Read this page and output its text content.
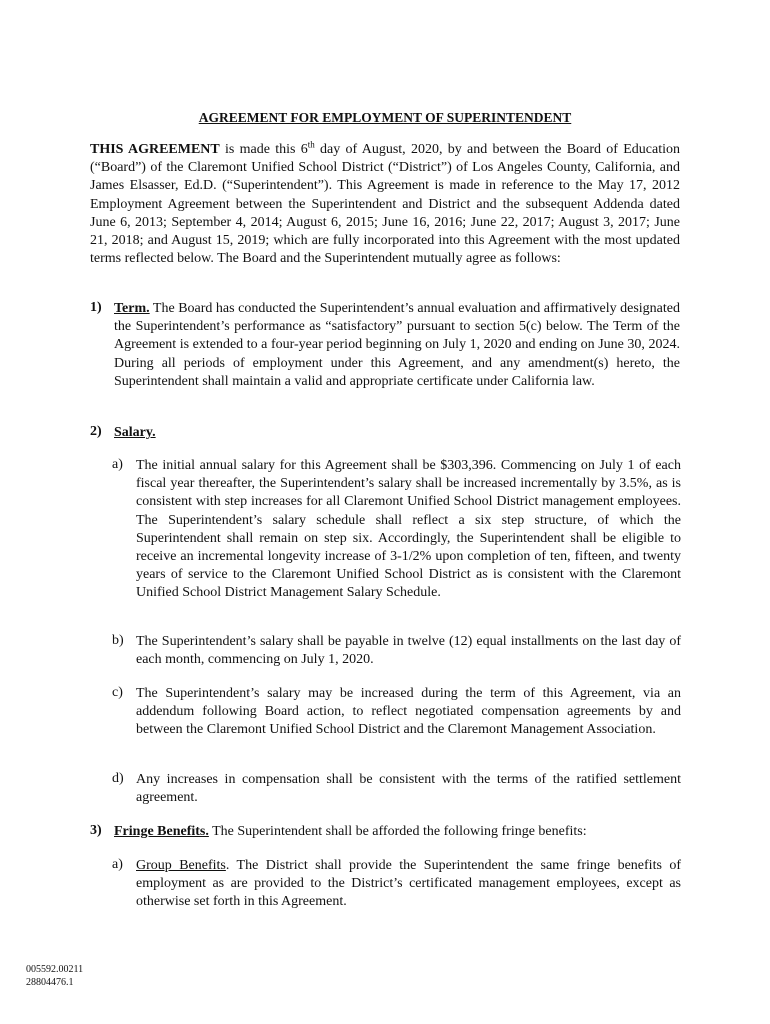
AGREEMENT FOR EMPLOYMENT OF SUPERINTENDENT
THIS AGREEMENT is made this 6th day of August, 2020, by and between the Board of Education (“Board”) of the Claremont Unified School District (“District”) of Los Angeles County, California, and James Elsasser, Ed.D. (“Superintendent”). This Agreement is made in reference to the May 17, 2012 Employment Agreement between the Superintendent and District and the subsequent Addenda dated June 6, 2013; September 4, 2014; August 6, 2015; June 16, 2016; June 22, 2017; August 3, 2017; June 21, 2018; and August 15, 2019; which are fully incorporated into this Agreement with the most updated terms reflected below. The Board and the Superintendent mutually agree as follows:
1) Term. The Board has conducted the Superintendent’s annual evaluation and affirmatively designated the Superintendent’s performance as “satisfactory” pursuant to section 5(c) below. The Term of the Agreement is extended to a four-year period beginning on July 1, 2020 and ending on June 30, 2024. During all periods of employment under this Agreement, and any amendment(s) hereto, the Superintendent shall maintain a valid and appropriate certificate under California law.
2) Salary.
a) The initial annual salary for this Agreement shall be $303,396. Commencing on July 1 of each fiscal year thereafter, the Superintendent’s salary shall be increased incrementally by 3.5%, as is consistent with step increases for all Claremont Unified School District management employees. The Superintendent’s salary schedule shall reflect a six step structure, of which the Superintendent shall remain on step six. Accordingly, the Superintendent shall be eligible to receive an incremental longevity increase of 3-1/2% upon completion of ten, fifteen, and twenty years of service to the Claremont Unified School District as is consistent with the Claremont Unified School District Management Salary Schedule.
b) The Superintendent’s salary shall be payable in twelve (12) equal installments on the last day of each month, commencing on July 1, 2020.
c) The Superintendent’s salary may be increased during the term of this Agreement, via an addendum following Board action, to reflect negotiated compensation agreements by and between the Claremont Unified School District and the Claremont Management Association.
d) Any increases in compensation shall be consistent with the terms of the ratified settlement agreement.
3) Fringe Benefits. The Superintendent shall be afforded the following fringe benefits:
a) Group Benefits. The District shall provide the Superintendent the same fringe benefits of employment as are provided to the District’s certificated management employees, except as otherwise set forth in this Agreement.
005592.00211
28804476.1
